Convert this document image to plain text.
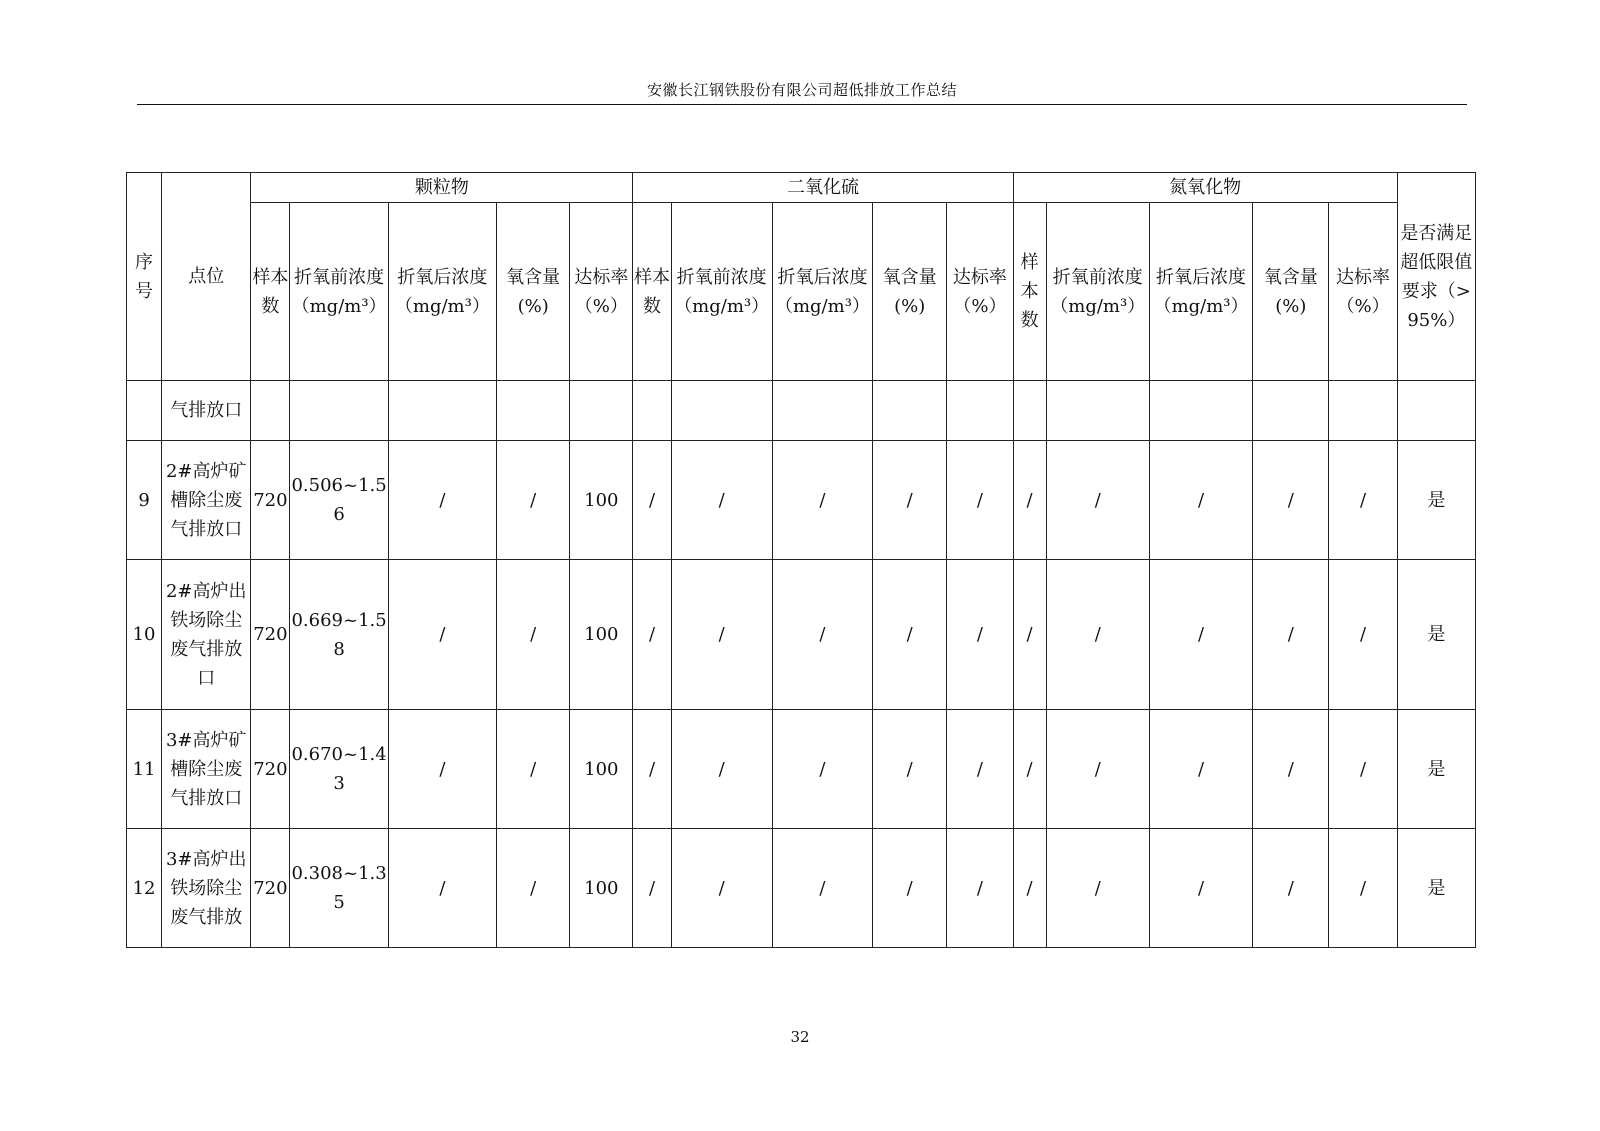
安徽长江钢铁股份有限公司超低排放工作总结
序号	点位	颗粒物					二氧化硫					氮氧化物					是否满足超低限值要求（>95%）
		样本数	折氧前浓度（mg/m³）	折氧后浓度（mg/m³）	氧含量(%)	达标率（%）	样本数	折氧前浓度（mg/m³）	折氧后浓度（mg/m³）	氧含量(%)	达标率（%）	样本数	折氧前浓度（mg/m³）	折氧后浓度（mg/m³）	氧含量(%)	达标率（%）	
	气排放口																
9	2#高炉矿槽除尘废气排放口	720	0.506~1.56	/	/	100	/	/	/	/	/	/	/	/	/	/	是
10	2#高炉出铁场除尘废气排放口	720	0.669~1.58	/	/	100	/	/	/	/	/	/	/	/	/	/	是
11	3#高炉矿槽除尘废气排放口	720	0.670~1.43	/	/	100	/	/	/	/	/	/	/	/	/	/	是
12	3#高炉出铁场除尘废气排放	720	0.308~1.35	/	/	100	/	/	/	/	/	/	/	/	/	/	是
32
